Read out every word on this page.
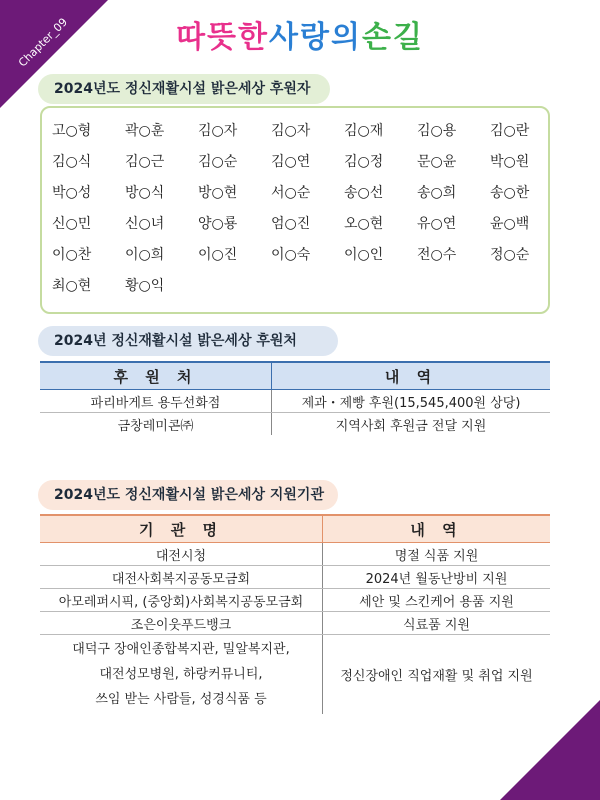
Chapter_09	따뜻한사랑의손길
2024년도 정신재활시설 밝은세상 후원자
고○형	곽○훈	김○자	김○자	김○재	김○용	김○란
김○식	김○근	김○순	김○연	김○정	문○윤	박○원
박○성	방○식	방○현	서○순	송○선	송○희	송○한
신○민	신○녀	양○룡	엄○진	오○현	유○연	윤○백
이○찬	이○희	이○진	이○숙	이○인	전○수	정○순
최○현	황○익
2024년 정신재활시설 밝은세상 후원처
후 원 처	내 역
파리바게트 용두선화점	제과・제빵 후원(15,545,400원 상당)
금창레미콘㈜	지역사회 후원금 전달 지원
2024년도 정신재활시설 밝은세상 지원기관
기 관 명	내 역
대전시청	명절 식품 지원
대전사회복지공동모금회	2024년 월동난방비 지원
아모레퍼시픽, (중앙회)사회복지공동모금회	세안 및 스킨케어 용품 지원
조은이웃푸드뱅크	식료품 지원

대덕구 장애인종합복지관, 밀알복지관,
대전성모병원, 하랑커뮤니티,
쓰임 받는 사람들, 성경식품 등	정신장애인 직업재활 및 취업 지원
